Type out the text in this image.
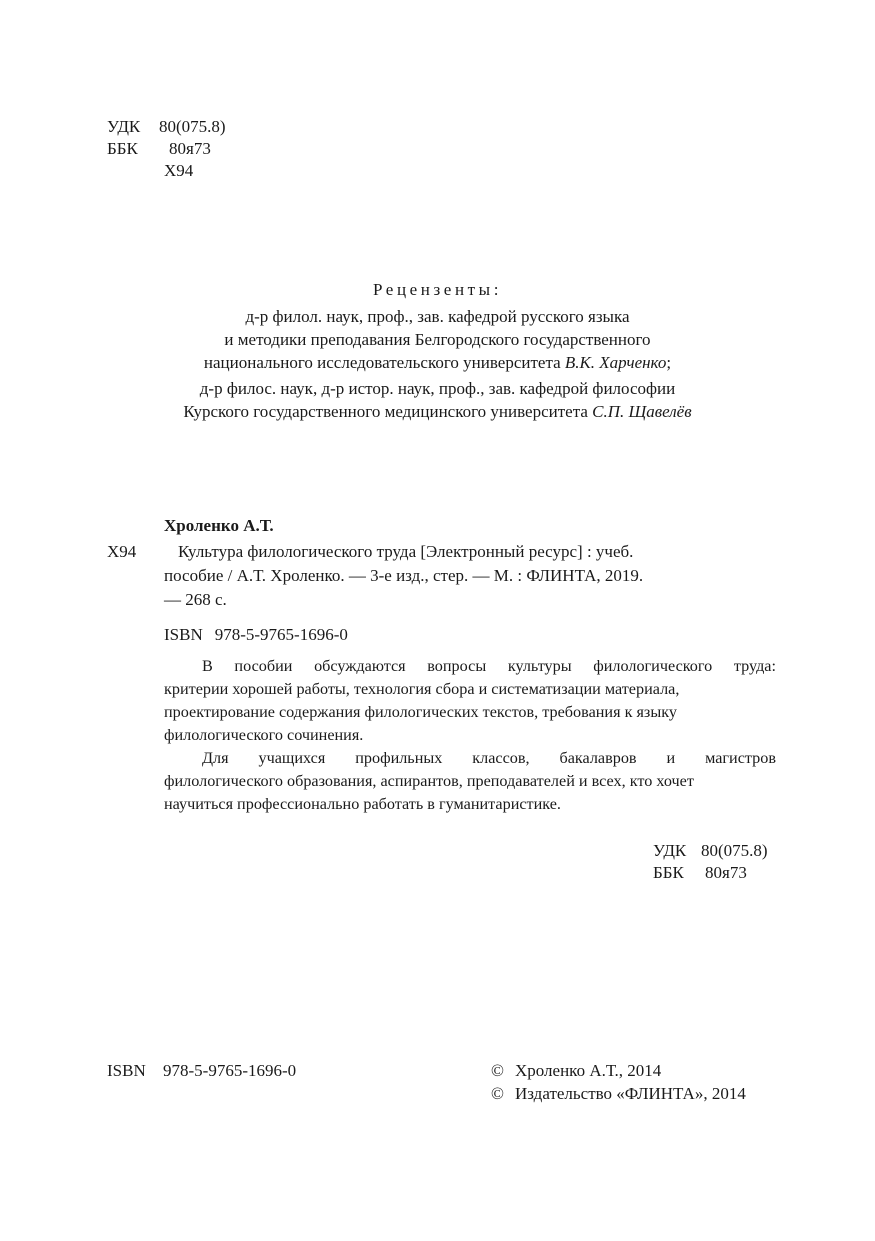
УДК 80(075.8)
ББК 80я73
Х94
Рецензенты:
д-р филол. наук, проф., зав. кафедрой русского языка
и методики преподавания Белгородского государственного
национального исследовательского университета В.К. Харченко;
д-р филос. наук, д-р истор. наук, проф., зав. кафедрой философии
Курского государственного медицинского университета С.П. Щавелёв
Хроленко А.Т.
Х94	Культура филологического труда [Электронный ресурс] : учеб.
пособие / А.Т. Хроленко. — 3-е изд., стер. — М. : ФЛИНТА, 2019.
— 268 с.
ISBN 978-5-9765-1696-0
В пособии обсуждаются вопросы культуры филологического труда:
критерии хорошей работы, технология сбора и систематизации материала,
проектирование содержания филологических текстов, требования к языку
филологического сочинения.
Для учащихся профильных классов, бакалавров и магистров
филологического образования, аспирантов, преподавателей и всех, кто хочет
научиться профессионально работать в гуманитаристике.
УДК 80(075.8)
ББК 80я73
ISBN 978-5-9765-1696-0	© Хроленко А.Т., 2014
© Издательство «ФЛИНТА», 2014
